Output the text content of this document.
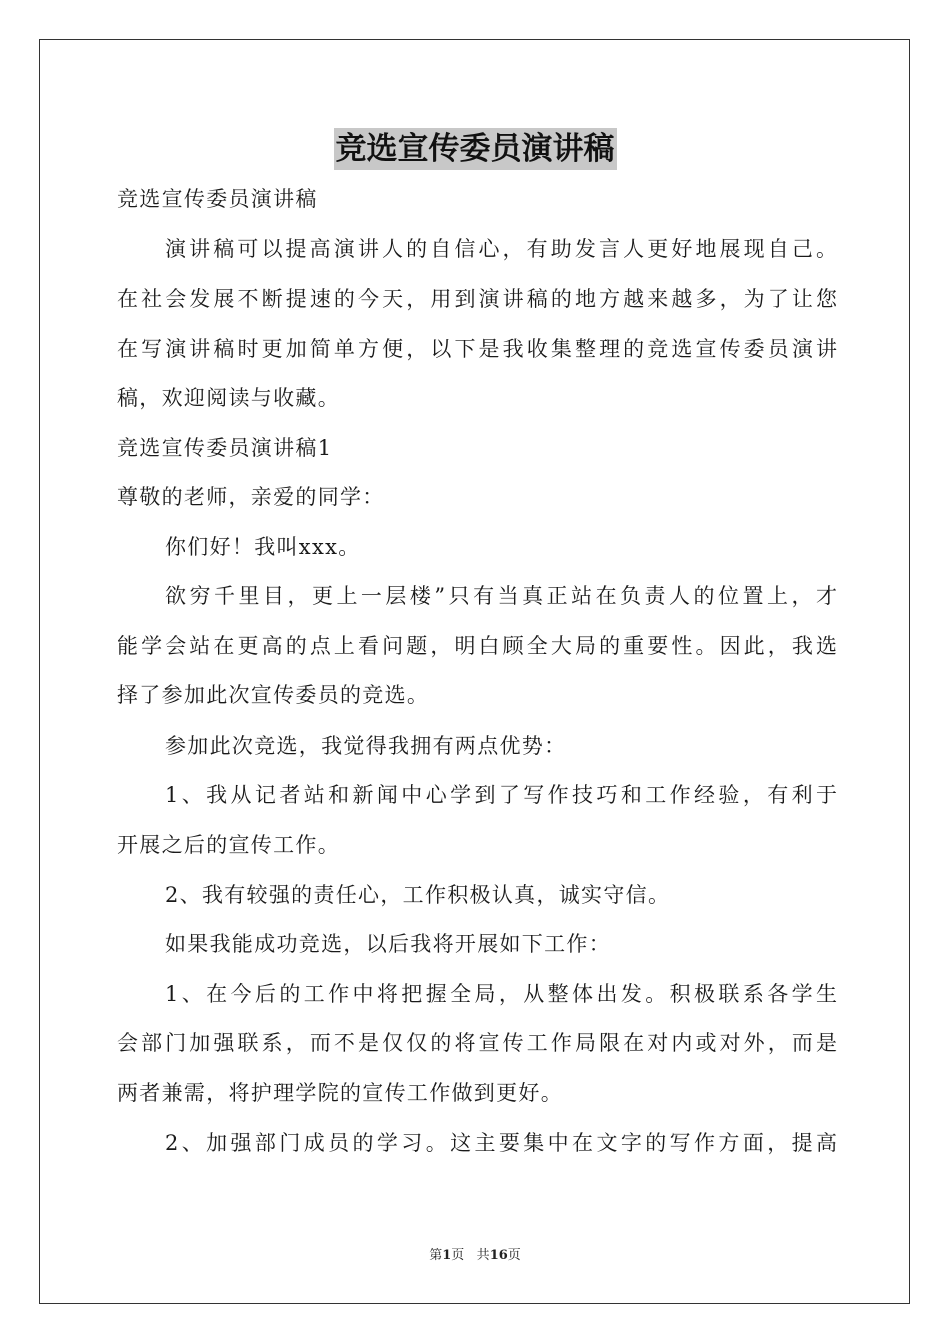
竞选宣传委员演讲稿
竞选宣传委员演讲稿
演讲稿可以提高演讲人的自信心，有助发言人更好地展现自己。
在社会发展不断提速的今天，用到演讲稿的地方越来越多，为了让您
在写演讲稿时更加简单方便，以下是我收集整理的竞选宣传委员演讲
稿，欢迎阅读与收藏。
竞选宣传委员演讲稿1
尊敬的老师，亲爱的同学：
你们好！我叫xxx。
欲穷千里目，更上一层楼”只有当真正站在负责人的位置上，才
能学会站在更高的点上看问题，明白顾全大局的重要性。因此，我选
择了参加此次宣传委员的竞选。
参加此次竞选，我觉得我拥有两点优势：
1、我从记者站和新闻中心学到了写作技巧和工作经验，有利于
开展之后的宣传工作。
2、我有较强的责任心，工作积极认真，诚实守信。
如果我能成功竞选，以后我将开展如下工作：
1、在今后的工作中将把握全局，从整体出发。积极联系各学生
会部门加强联系，而不是仅仅的将宣传工作局限在对内或对外，而是
两者兼需，将护理学院的宣传工作做到更好。
2、加强部门成员的学习。这主要集中在文字的写作方面，提高
第1页 共16页
